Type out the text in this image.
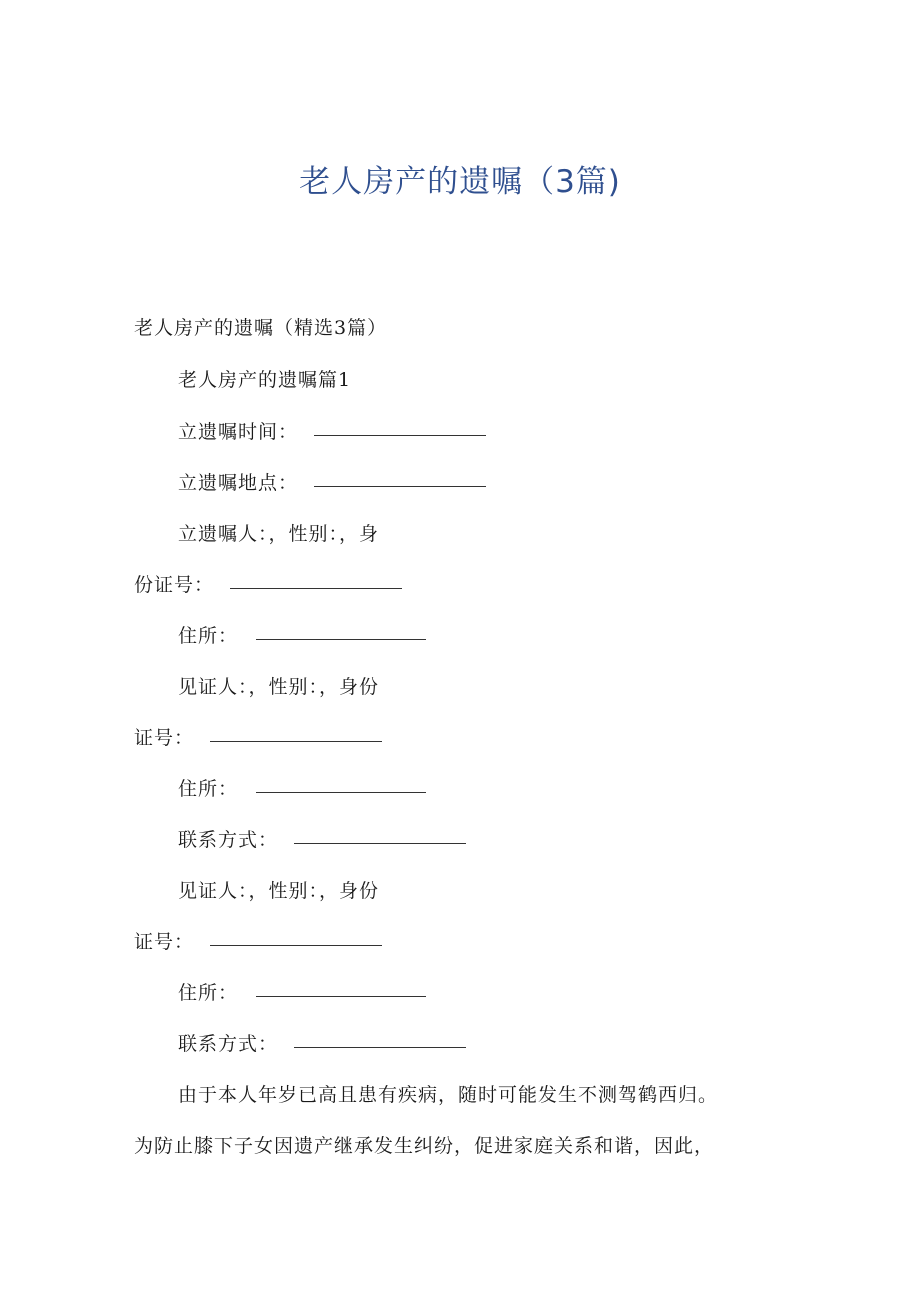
老人房产的遗嘱（3篇)
老人房产的遗嘱（精选3篇）
老人房产的遗嘱篇1
立遗嘱时间：
立遗嘱地点：
立遗嘱人：，性别：，身
份证号：
住所：
见证人：，性别：，身份
证号：
住所：
联系方式：
见证人：，性别：，身份
证号：
住所：
联系方式：
由于本人年岁已高且患有疾病，随时可能发生不测驾鹤西归。
为防止膝下子女因遗产继承发生纠纷，促进家庭关系和谐，因此，
